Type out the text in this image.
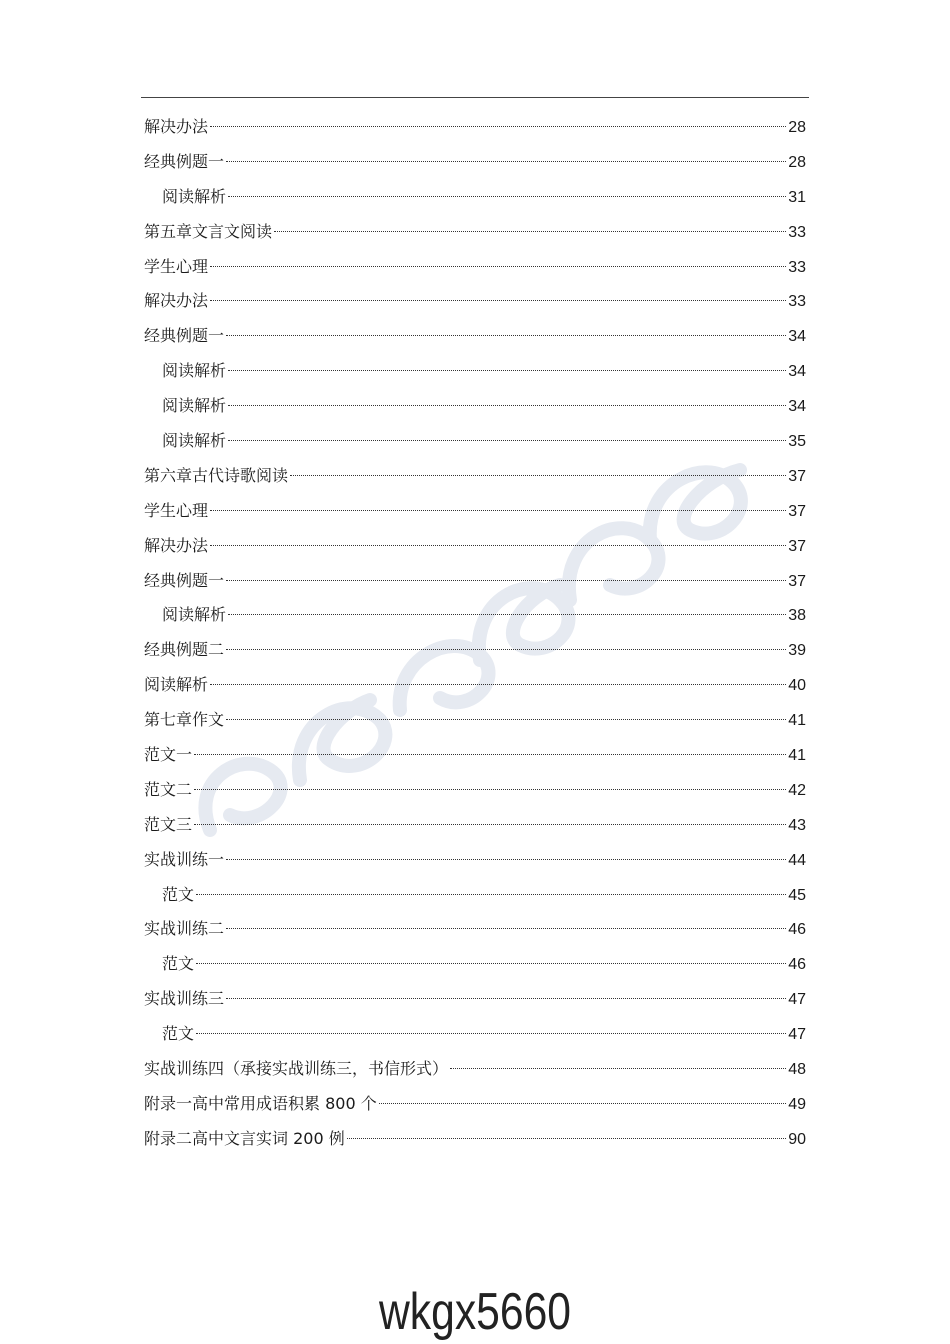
解决办法	28
经典例题一	28
阅读解析	31
第五章文言文阅读	33
学生心理	33
解决办法	33
经典例题一	34
阅读解析	34
阅读解析	34
阅读解析	35
第六章古代诗歌阅读	37
学生心理	37
解决办法	37
经典例题一	37
阅读解析	38
经典例题二	39
阅读解析	40
第七章作文	41
范文一	41
范文二	42
范文三	43
实战训练一	44
范文	45
实战训练二	46
范文	46
实战训练三	47
范文	47
实战训练四（承接实战训练三，书信形式）	48
附录一高中常用成语积累 800 个	49
附录二高中文言实词 200 例	90
wkgx5660
